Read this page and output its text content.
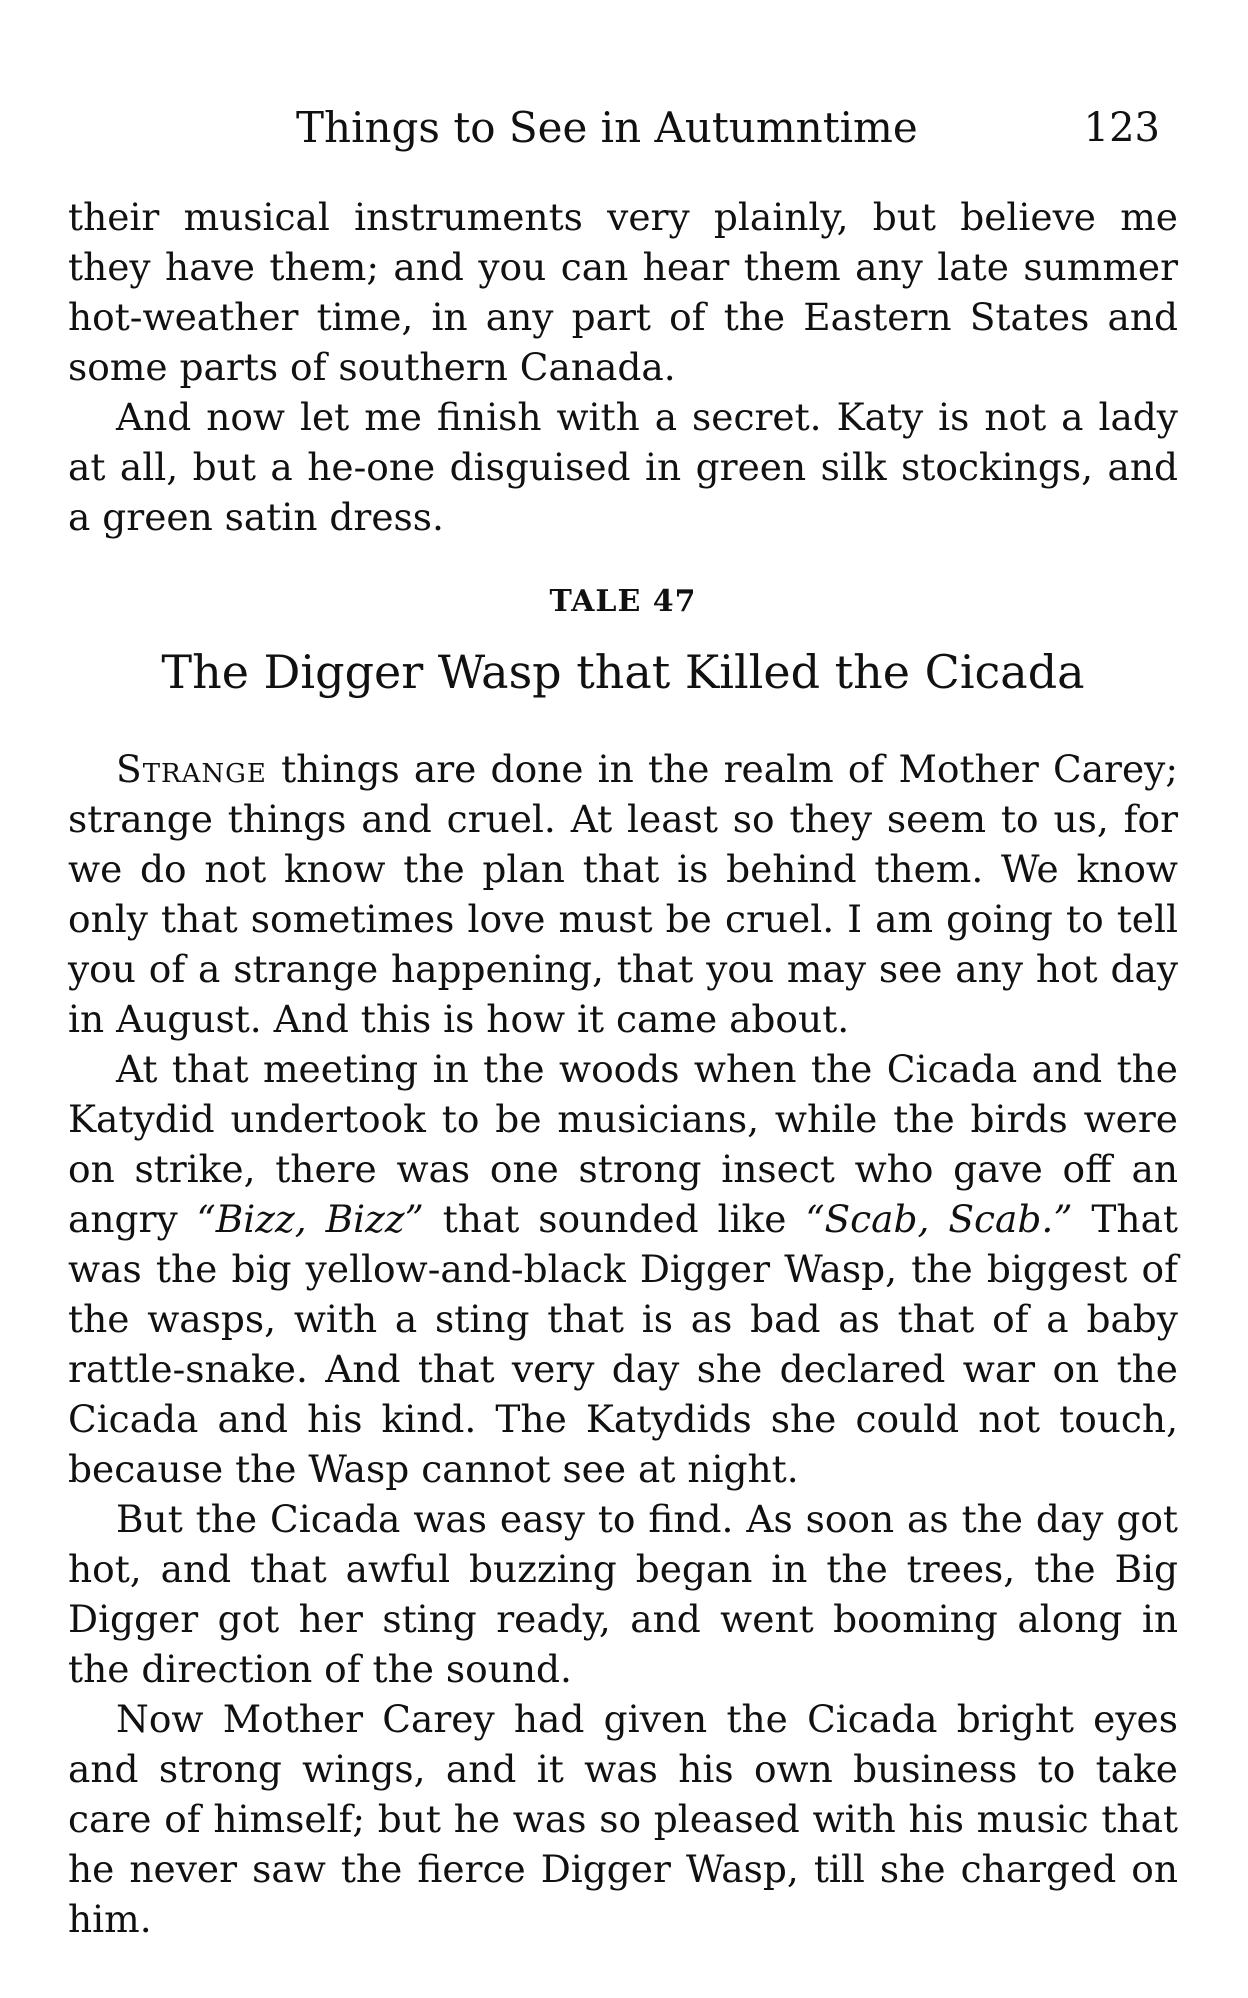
Things to See in Autumntime	123

their musical instruments very plainly, but believe me they have them; and you can hear them any late summer hot-weather time, in any part of the Eastern States and some parts of southern Canada.

And now let me finish with a secret. Katy is not a lady at all, but a he-one disguised in green silk stockings, and a green satin dress.

TALE 47
The Digger Wasp that Killed the Cicada

Strange things are done in the realm of Mother Carey; strange things and cruel. At least so they seem to us, for we do not know the plan that is behind them. We know only that sometimes love must be cruel. I am going to tell you of a strange happening, that you may see any hot day in August. And this is how it came about.

At that meeting in the woods when the Cicada and the Katydid undertook to be musicians, while the birds were on strike, there was one strong insect who gave off an angry “Bizz, Bizz” that sounded like “Scab, Scab.” That was the big yellow-and-black Digger Wasp, the biggest of the wasps, with a sting that is as bad as that of a baby rattle-snake. And that very day she declared war on the Cicada and his kind. The Katydids she could not touch, because the Wasp cannot see at night.

But the Cicada was easy to find. As soon as the day got hot, and that awful buzzing began in the trees, the Big Digger got her sting ready, and went booming along in the direction of the sound.

Now Mother Carey had given the Cicada bright eyes and strong wings, and it was his own business to take care of himself; but he was so pleased with his music that he never saw the fierce Digger Wasp, till she charged on him.
